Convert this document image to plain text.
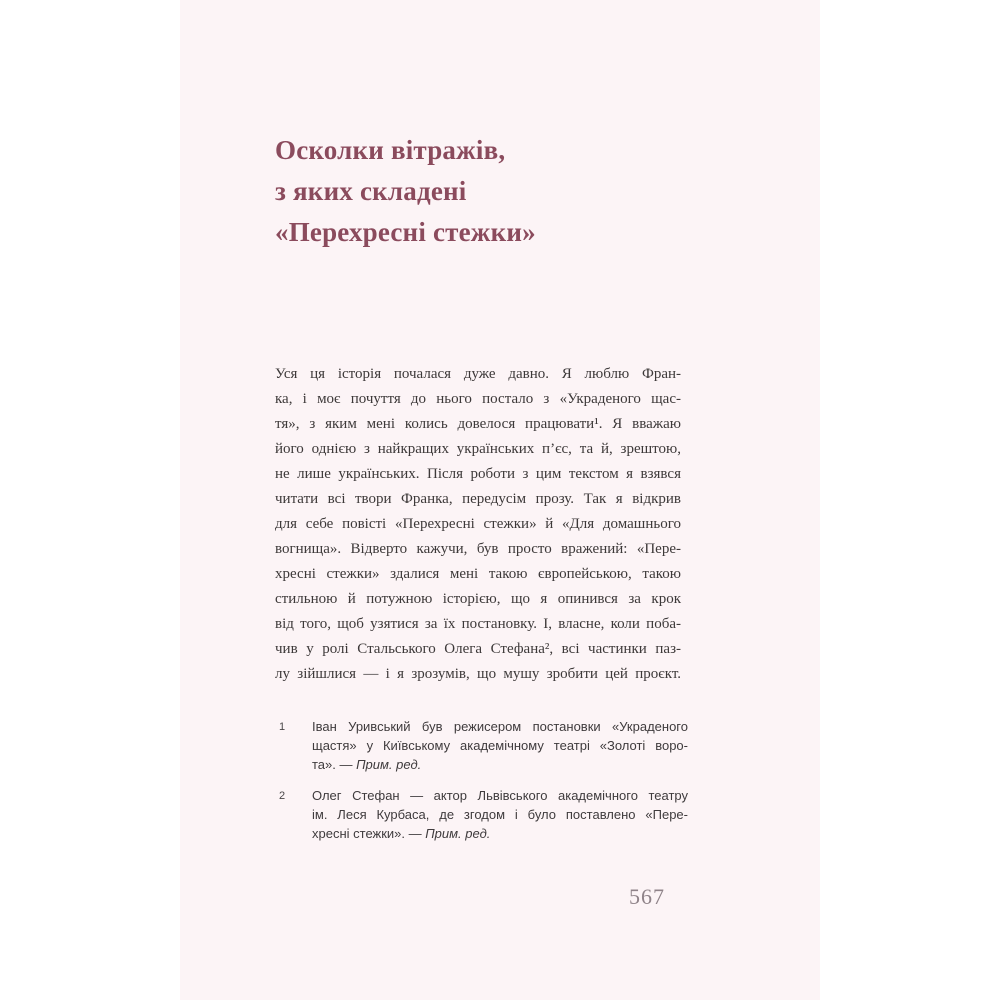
Осколки вітражів,
з яких складені
«Перехресні стежки»
Уся ця історія почалася дуже давно. Я люблю Фран-
ка, і моє почуття до нього постало з «Украденого щас-
тя», з яким мені колись довелося працювати¹. Я вважаю
його однією з найкращих українських п’єс, та й, зрештою,
не лише українських. Після роботи з цим текстом я взявся
читати всі твори Франка, передусім прозу. Так я відкрив
для себе повісті «Перехресні стежки» й «Для домашнього
вогнища». Відверто кажучи, був просто вражений: «Пере-
хресні стежки» здалися мені такою європейською, такою
стильною й потужною історією, що я опинився за крок
від того, щоб узятися за їх постановку. І, власне, коли поба-
чив у ролі Стальського Олега Стефана², всі частинки паз-
лу зійшлися — і я зрозумів, що мушу зробити цей проєкт.
1 Іван Уривський був режисером постановки «Украденого
щастя» у Київському академічному театрі «Золоті воро-
та». — Прим. ред.
2 Олег Стефан — актор Львівського академічного театру
ім. Леся Курбаса, де згодом і було поставлено «Пере-
хресні стежки». — Прим. ред.
567
